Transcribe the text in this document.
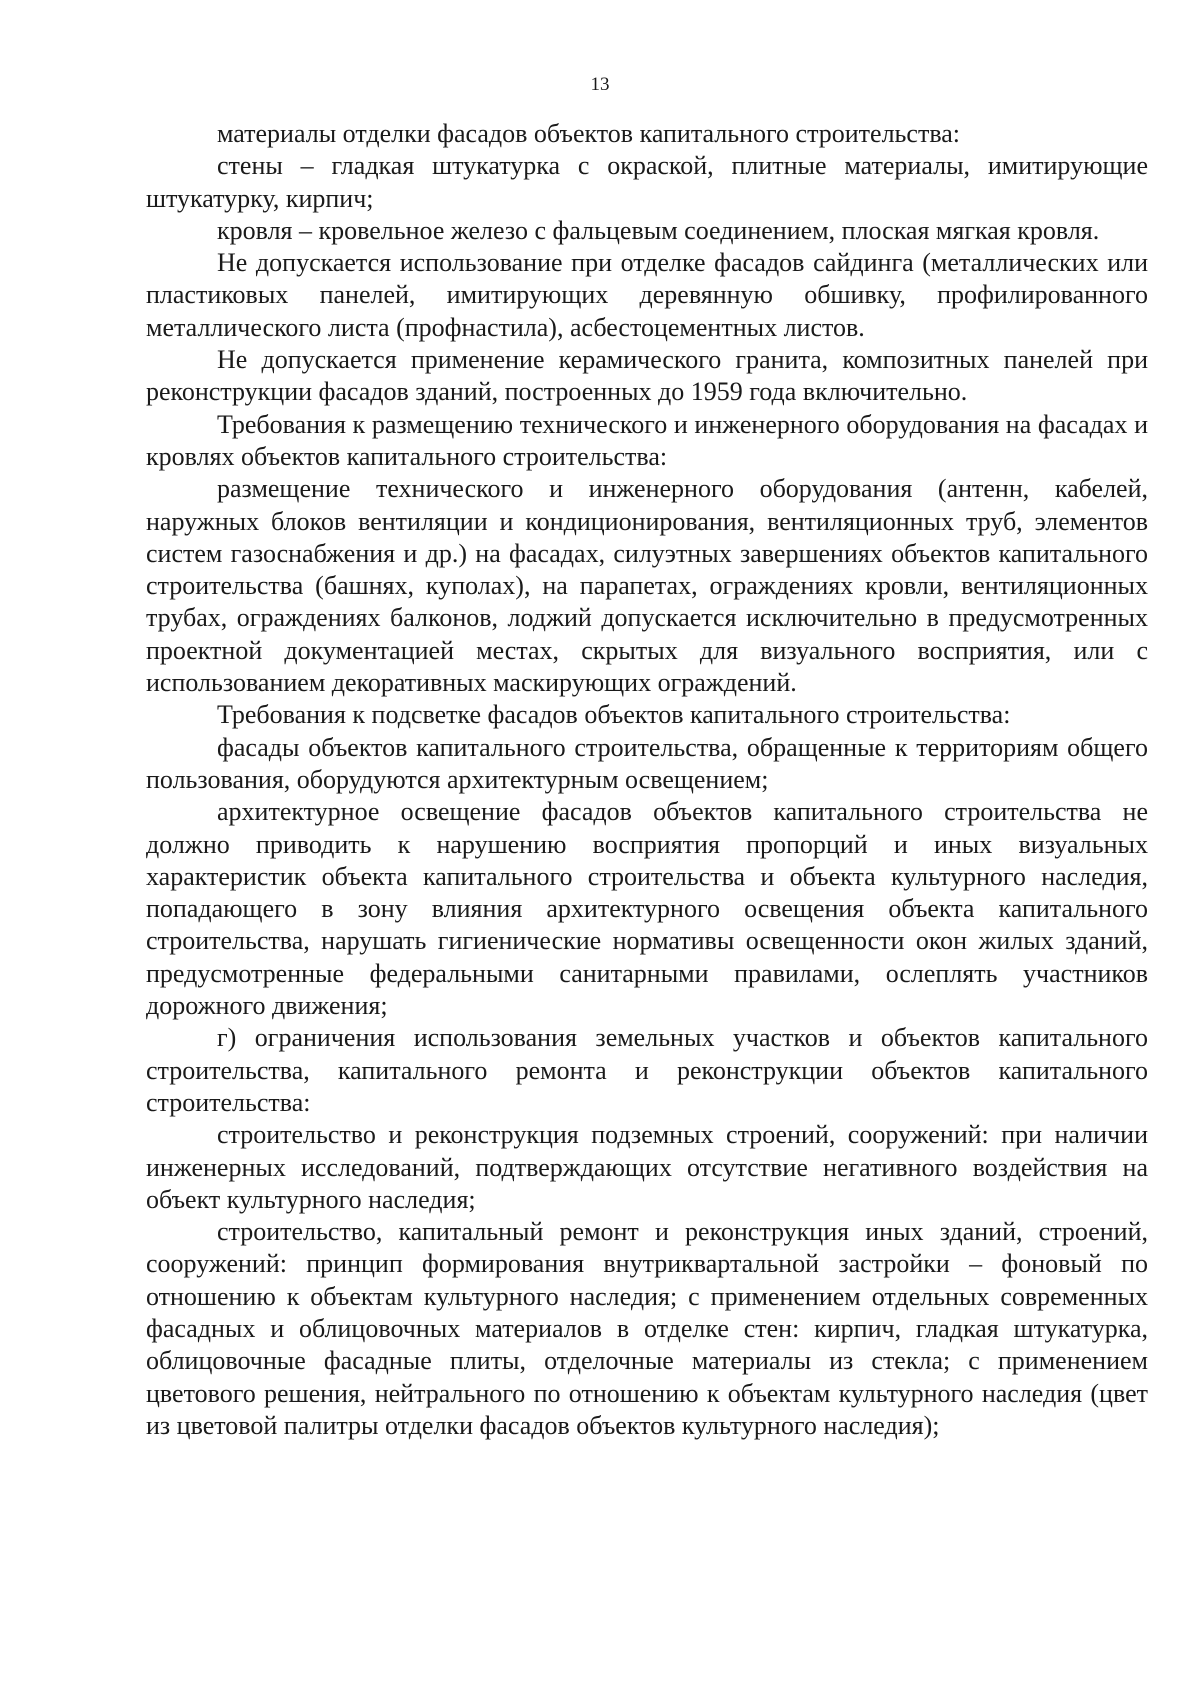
13

материалы отделки фасадов объектов капитального строительства:

стены – гладкая штукатурка с окраской, плитные материалы, имитирующие штукатурку, кирпич;

кровля – кровельное железо с фальцевым соединением, плоская мягкая кровля.

Не допускается использование при отделке фасадов сайдинга (металлических или пластиковых панелей, имитирующих деревянную обшивку, профилированного металлического листа (профнастила), асбестоцементных листов.

Не допускается применение керамического гранита, композитных панелей при реконструкции фасадов зданий, построенных до 1959 года включительно.

Требования к размещению технического и инженерного оборудования на фасадах и кровлях объектов капитального строительства:

размещение технического и инженерного оборудования (антенн, кабелей, наружных блоков вентиляции и кондиционирования, вентиляционных труб, элементов систем газоснабжения и др.) на фасадах, силуэтных завершениях объектов капитального строительства (башнях, куполах), на парапетах, ограждениях кровли, вентиляционных трубах, ограждениях балконов, лоджий допускается исключительно в предусмотренных проектной документацией местах, скрытых для визуального восприятия, или с использованием декоративных маскирующих ограждений.

Требования к подсветке фасадов объектов капитального строительства:

фасады объектов капитального строительства, обращенные к территориям общего пользования, оборудуются архитектурным освещением;

архитектурное освещение фасадов объектов капитального строительства не должно приводить к нарушению восприятия пропорций и иных визуальных характеристик объекта капитального строительства и объекта культурного наследия, попадающего в зону влияния архитектурного освещения объекта капитального строительства, нарушать гигиенические нормативы освещенности окон жилых зданий, предусмотренные федеральными санитарными правилами, ослеплять участников дорожного движения;

г) ограничения использования земельных участков и объектов капитального строительства, капитального ремонта и реконструкции объектов капитального строительства:

строительство и реконструкция подземных строений, сооружений: при наличии инженерных исследований, подтверждающих отсутствие негативного воздействия на объект культурного наследия;

строительство, капитальный ремонт и реконструкция иных зданий, строений, сооружений: принцип формирования внутриквартальной застройки – фоновый по отношению к объектам культурного наследия; с применением отдельных современных фасадных и облицовочных материалов в отделке стен: кирпич, гладкая штукатурка, облицовочные фасадные плиты, отделочные материалы из стекла; с применением цветового решения, нейтрального по отношению к объектам культурного наследия (цвет из цветовой палитры отделки фасадов объектов культурного наследия);
